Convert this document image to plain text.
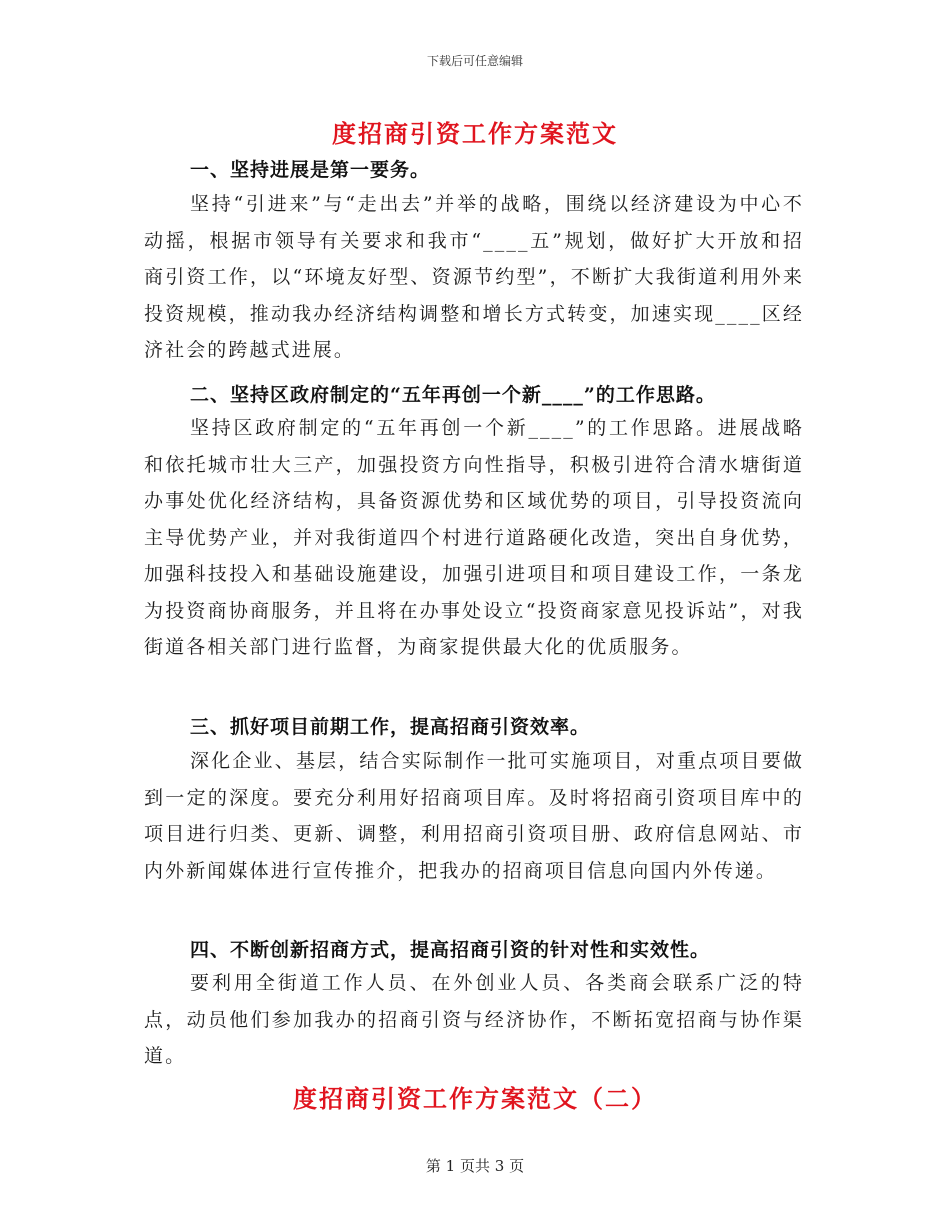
下载后可任意编辑
度招商引资工作方案范文
一、坚持进展是第一要务。
坚持“引进来”与“走出去”并举的战略，围绕以经济建设为中心不动摇，根据市领导有关要求和我市“____五”规划，做好扩大开放和招商引资工作，以“环境友好型、资源节约型”，不断扩大我街道利用外来投资规模，推动我办经济结构调整和增长方式转变，加速实现____区经济社会的跨越式进展。
二、坚持区政府制定的“五年再创一个新____”的工作思路。
坚持区政府制定的“五年再创一个新____”的工作思路。进展战略和依托城市壮大三产，加强投资方向性指导，积极引进符合清水塘街道办事处优化经济结构，具备资源优势和区域优势的项目，引导投资流向主导优势产业，并对我街道四个村进行道路硬化改造，突出自身优势，加强科技投入和基础设施建设，加强引进项目和项目建设工作，一条龙为投资商协商服务，并且将在办事处设立“投资商家意见投诉站”，对我街道各相关部门进行监督，为商家提供最大化的优质服务。
三、抓好项目前期工作，提高招商引资效率。
深化企业、基层，结合实际制作一批可实施项目，对重点项目要做到一定的深度。要充分利用好招商项目库。及时将招商引资项目库中的项目进行归类、更新、调整，利用招商引资项目册、政府信息网站、市内外新闻媒体进行宣传推介，把我办的招商项目信息向国内外传递。
四、不断创新招商方式，提高招商引资的针对性和实效性。
要利用全街道工作人员、在外创业人员、各类商会联系广泛的特点，动员他们参加我办的招商引资与经济协作，不断拓宽招商与协作渠道。
度招商引资工作方案范文（二）
第 1 页共 3 页
